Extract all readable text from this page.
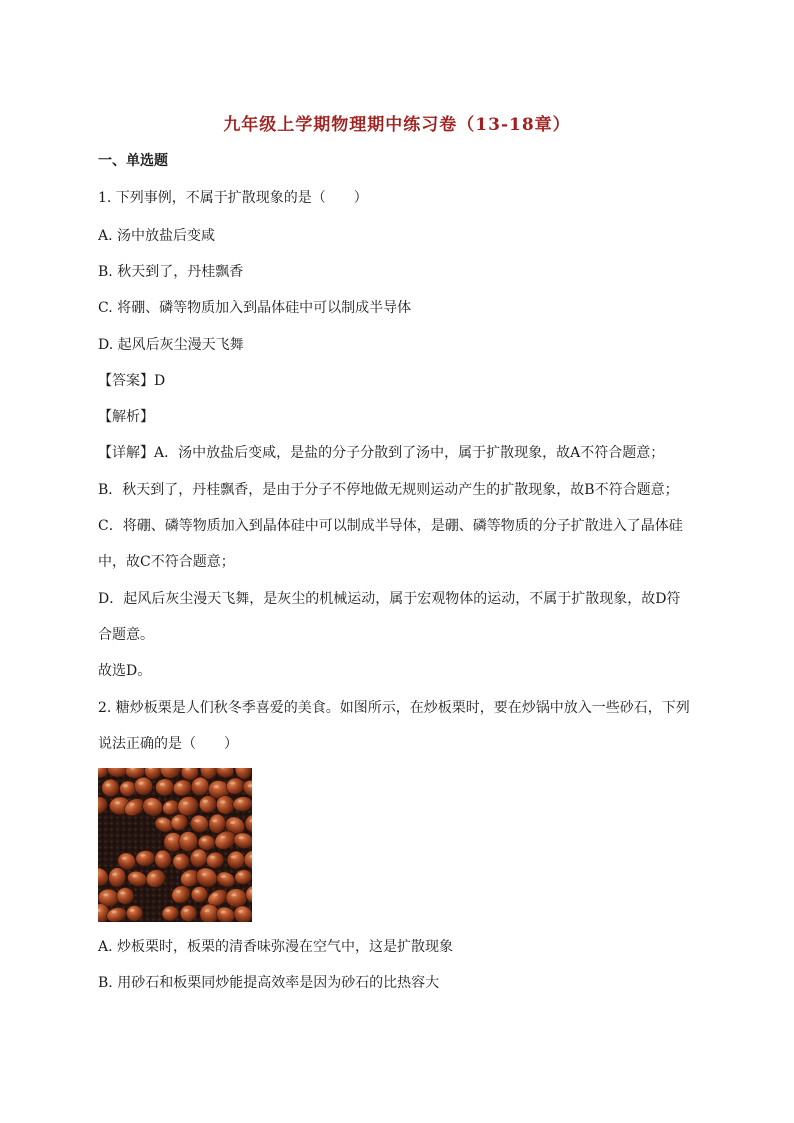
九年级上学期物理期中练习卷（13-18章）
一、单选题
1. 下列事例，不属于扩散现象的是（　　）
A. 汤中放盐后变咸
B. 秋天到了，丹桂飘香
C. 将硼、磷等物质加入到晶体硅中可以制成半导体
D. 起风后灰尘漫天飞舞
【答案】D
【解析】
【详解】A．汤中放盐后变咸，是盐的分子分散到了汤中，属于扩散现象，故A不符合题意；
B．秋天到了，丹桂飘香，是由于分子不停地做无规则运动产生的扩散现象，故B不符合题意；
C．将硼、磷等物质加入到晶体硅中可以制成半导体，是硼、磷等物质的分子扩散进入了晶体硅
中，故C不符合题意；
D．起风后灰尘漫天飞舞，是灰尘的机械运动，属于宏观物体的运动，不属于扩散现象，故D符
合题意。
故选D。
2. 糖炒板栗是人们秋冬季喜爱的美食。如图所示，在炒板栗时，要在炒锅中放入一些砂石，下列
说法正确的是（　　）
A. 炒板栗时，板栗的清香味弥漫在空气中，这是扩散现象
B. 用砂石和板栗同炒能提高效率是因为砂石的比热容大
